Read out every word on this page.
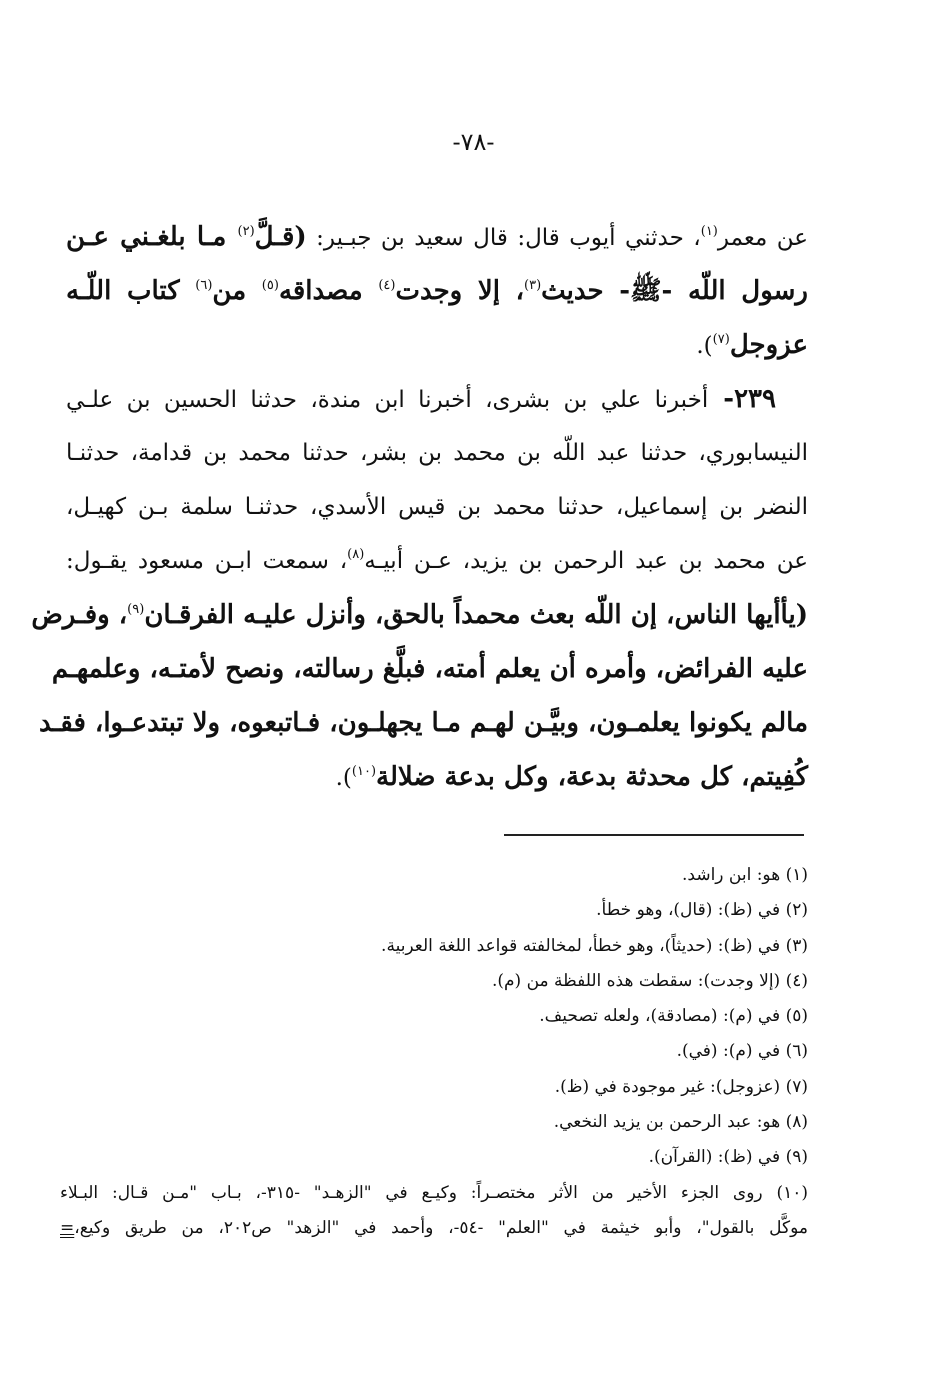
-٧٨-
عن معمر$^{(١)}$، حدثني أيوب قال: قال سعيد بن جبـير: (قـلَّ$^{(٢)}$ مـا بلغـني عـن
رسول اللّه -ﷺ- حديث$^{(٣)}$، إلا وجدت$^{(٤)}$ مصداقه$^{(٥)}$ من$^{(٦)}$ كتاب اللّـه
عزوجل$^{(٧)}$).
٢٣٩- أخبرنا علي بن بشرى، أخبرنا ابن مندة، حدثنا الحسين بن علـي
النيسابوري، حدثنا عبد اللّه بن محمد بن بشر، حدثنا محمد بن قدامة، حدثنـا
النضر بن إسماعيل، حدثنا محمد بن قيس الأسدي، حدثنـا سلمة بـن كهيـل،
عن محمد بن عبد الرحمن بن يزيد، عـن أبيـه$^{(٨)}$، سمعت ابـن مسعود يقـول:
(يأأيها الناس، إن اللّه بعث محمداً بالحق، وأنزل عليـه الفرقـان$^{(٩)}$، وفـرض
عليه الفرائض، وأمره أن يعلم أمته، فبلَّغ رسالته، ونصح لأمتـه، وعلمهـم
مالم يكونوا يعلمـون، وبيَّـن لهـم مـا يجهلـون، فـاتبعوه، ولا تبتدعـوا، فقـد
كُفِيتم، كل محدثة بدعة، وكل بدعة ضلالة$^{(١٠)}$).
(١) هو: ابن راشد.
(٢) في (ظ): (قال)، وهو خطأ.
(٣) في (ظ): (حديثاً)، وهو خطأ، لمخالفته قواعد اللغة العربية.
(٤) (إلا وجدت): سقطت هذه اللفظة من (م).
(٥) في (م): (مصادقة)، ولعله تصحيف.
(٦) في (م): (في).
(٧) (عزوجل): غير موجودة في (ظ).
(٨) هو: عبد الرحمن بن يزيد النخعي.
(٩) في (ظ): (القرآن).
(١٠) روى الجزء الأخير من الأثر مختصـراً: وكيـع في "الزهـد" -٣١٥-، بـاب "مـن قـال: البـلاء
موكَّل بالقول"، وأبو خيثمة في "العلم" -٥٤-، وأحمد في "الزهد" ص٢٠٢، من طريق وكيع،=
